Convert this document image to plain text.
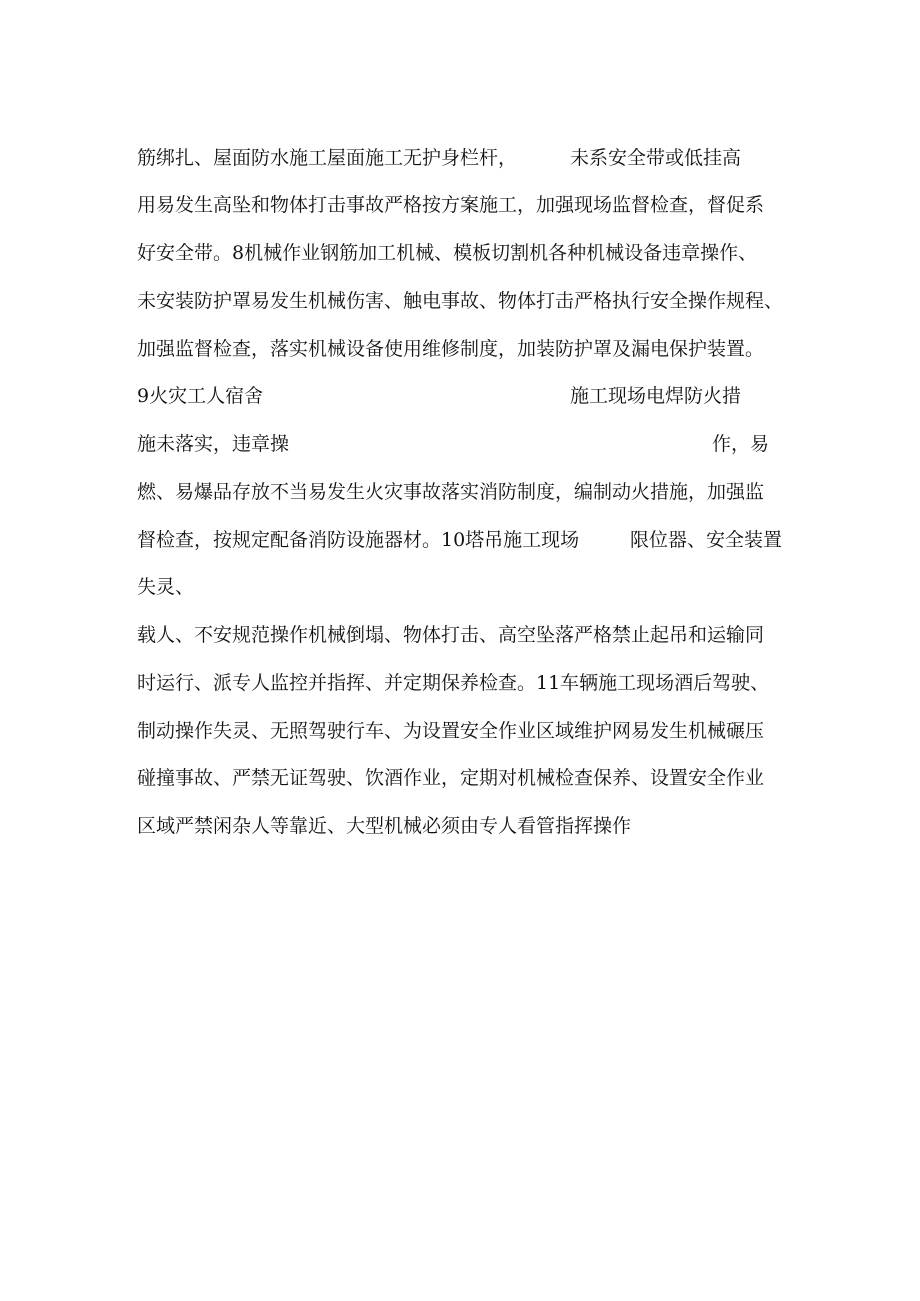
筋绑扎、屋面防水施工屋面施工无护身栏杆，	未系安全带或低挂高
用易发生高坠和物体打击事故严格按方案施工，加强现场监督检查，督促系
好安全带。8机械作业钢筋加工机械、模板切割机各种机械设备违章操作、
未安装防护罩易发生机械伤害、触电事故、物体打击严格执行安全操作规程、
加强监督检查，落实机械设备使用维修制度，加装防护罩及漏电保护装置。
9火灾工人宿舍	施工现场电焊防火措
施未落实，违章操	作，易
燃、易爆品存放不当易发生火灾事故落实消防制度，编制动火措施，加强监
督检查，按规定配备消防设施器材。10塔吊施工现场	限位器、安全装置
失灵、
载人、不安规范操作机械倒塌、物体打击、高空坠落严格禁止起吊和运输同
时运行、派专人监控并指挥、并定期保养检查。11车辆施工现场酒后驾驶、
制动操作失灵、无照驾驶行车、为设置安全作业区域维护网易发生机械碾压
碰撞事故、严禁无证驾驶、饮酒作业，定期对机械检查保养、设置安全作业
区域严禁闲杂人等靠近、大型机械必须由专人看管指挥操作
